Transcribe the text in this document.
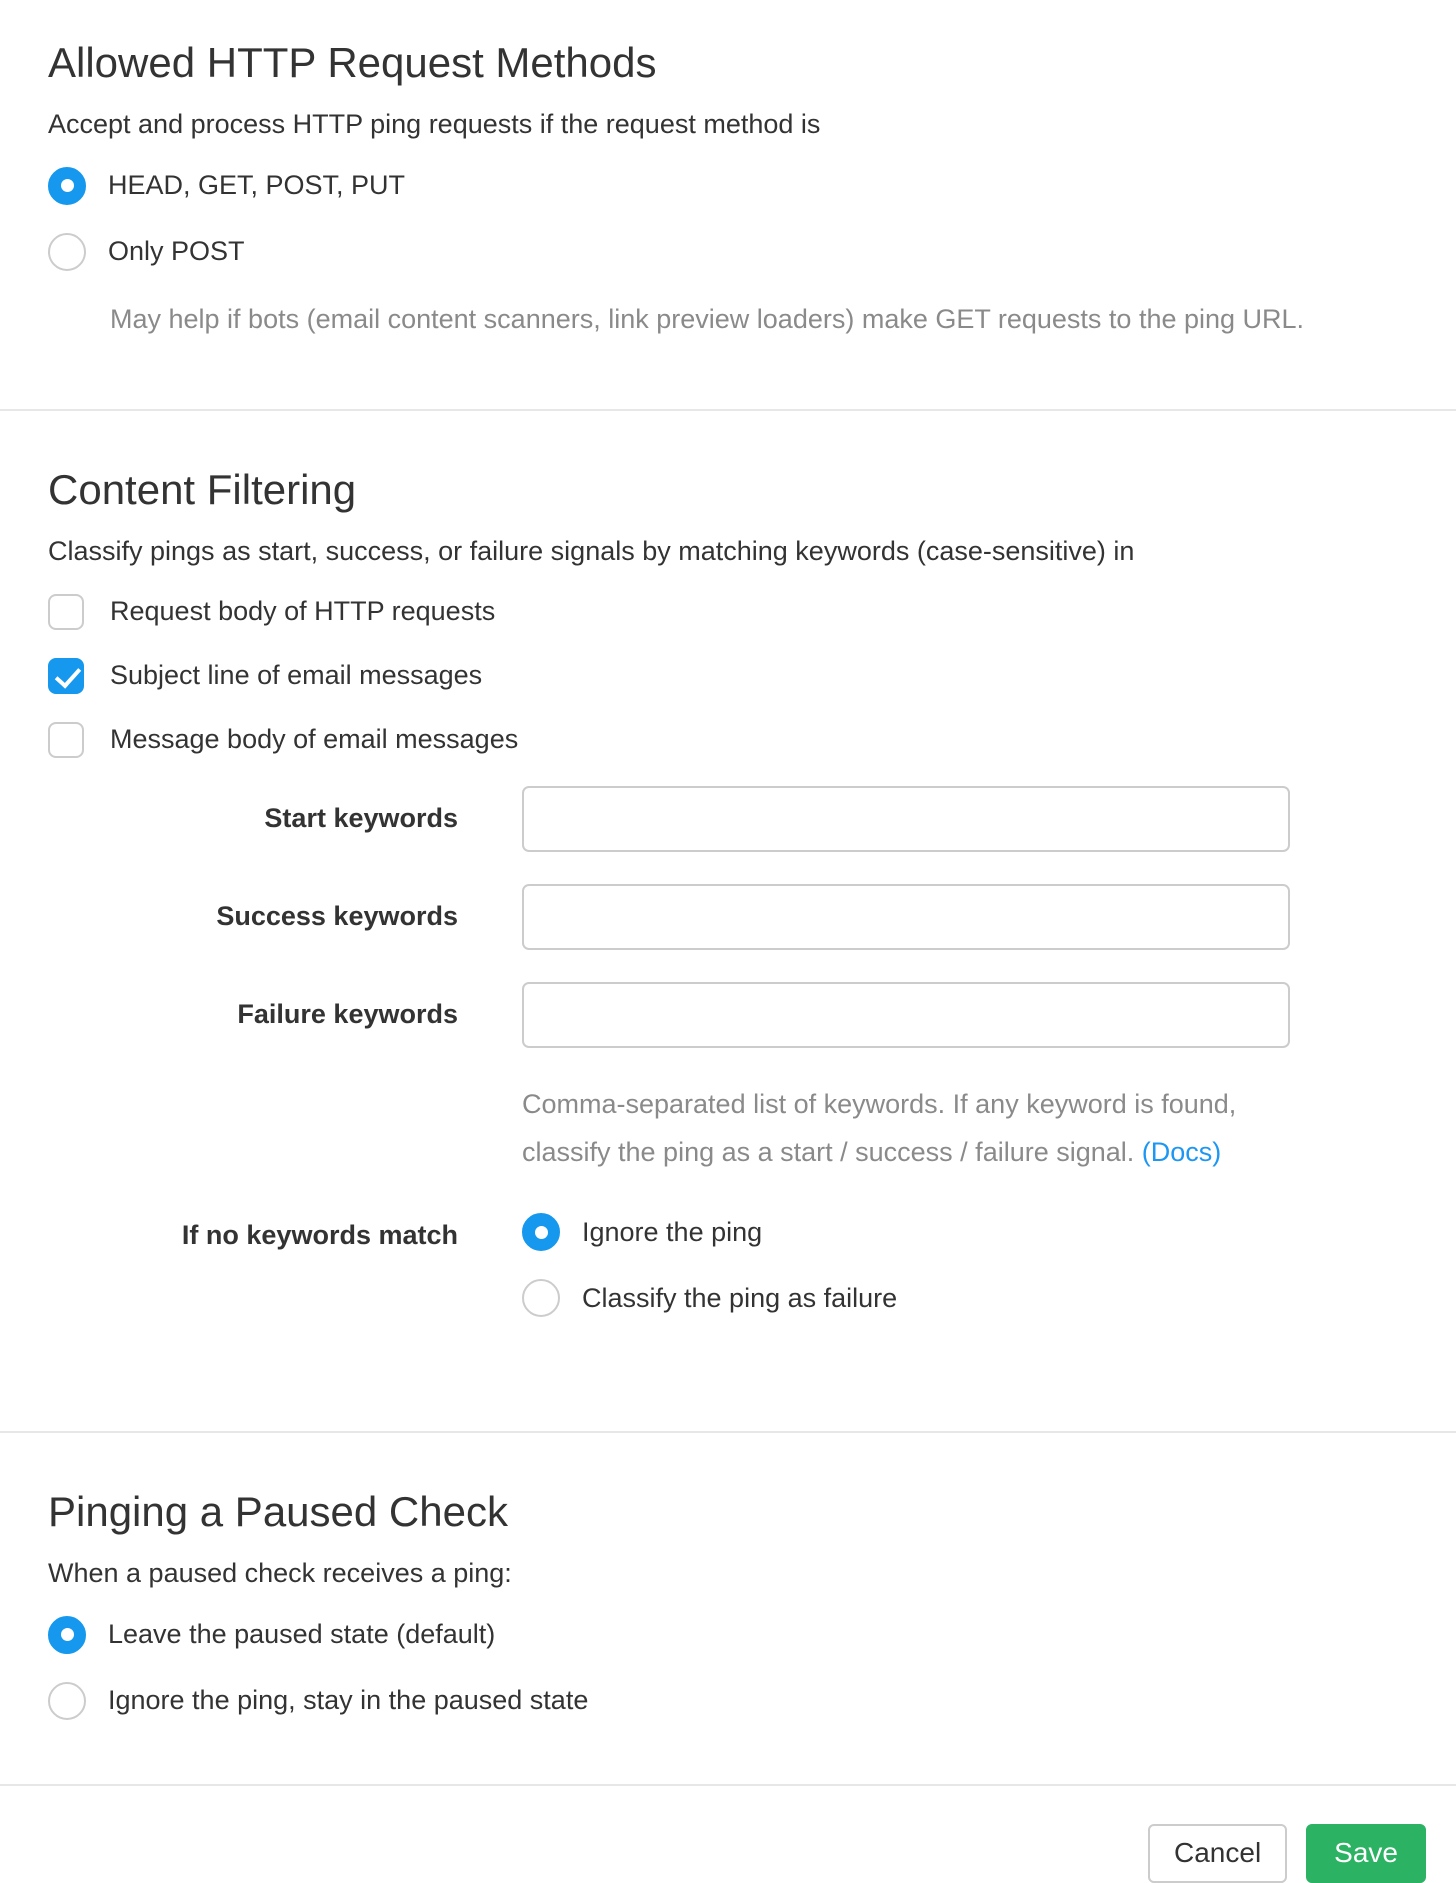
Allowed HTTP Request Methods

Accept and process HTTP ping requests if the request method is

HEAD, GET, POST, PUT
Only POST

May help if bots (email content scanners, link preview loaders) make GET requests to the ping URL.

Content Filtering

Classify pings as start, success, or failure signals by matching keywords (case-sensitive) in

Request body of HTTP requests
Subject line of email messages
Message body of email messages
Start keywords
Success keywords
Failure keywords

Comma-separated list of keywords. If any keyword is found, classify the ping as a start / success / failure signal. (Docs)

If no keywords match	Ignore the ping
Classify the ping as failure
Pinging a Paused Check

When a paused check receives a ping:

Leave the paused state (default)
Ignore the ping, stay in the paused state
Cancel	Save
